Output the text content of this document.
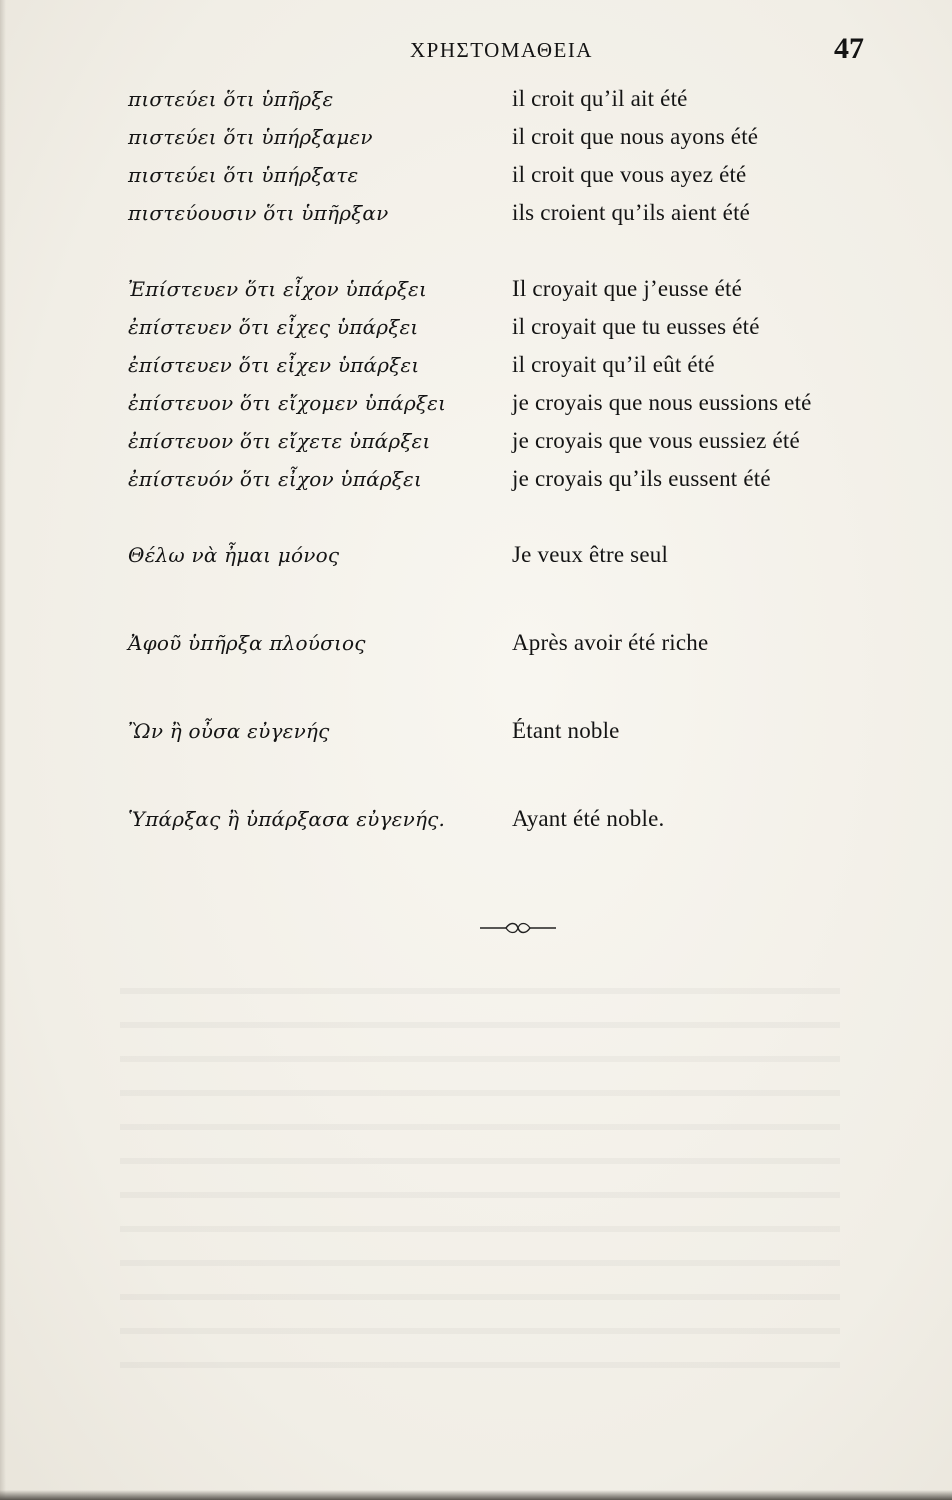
ΧΡΗΣΤΟΜΑΘΕΙΑ	47
πιστεύει ὅτι ὑπῆρξε	il croit qu’il ait été
πιστεύει ὅτι ὑπήρξαμεν	il croit que nous ayons été
πιστεύει ὅτι ὑπήρξατε	il croit que vous ayez été
πιστεύουσιν ὅτι ὑπῆρξαν	ils croient qu’ils aient été
Ἐπίστευεν ὅτι εἶχον ὑπάρξει	Il croyait que j’eusse été
ἐπίστευεν ὅτι εἶχες ὑπάρξει	il croyait que tu eusses été
ἐπίστευεν ὅτι εἶχεν ὑπάρξει	il croyait qu’il eût été
ἐπίστευον ὅτι εἴχομεν ὑπάρξει	je croyais que nous eussions eté
ἐπίστευον ὅτι εἴχετε ὑπάρξει	je croyais que vous eussiez été
ἐπίστευόν ὅτι εἶχον ὑπάρξει	je croyais qu’ils eussent été
Θέλω νὰ ἦμαι μόνος	Je veux être seul
Ἀφοῦ ὑπῆρξα πλούσιος	Après avoir été riche
Ὢν ἢ οὖσα εὐγενής	Étant noble
Ὑπάρξας ἢ ὑπάρξασα εὐγενής.	Ayant été noble.
